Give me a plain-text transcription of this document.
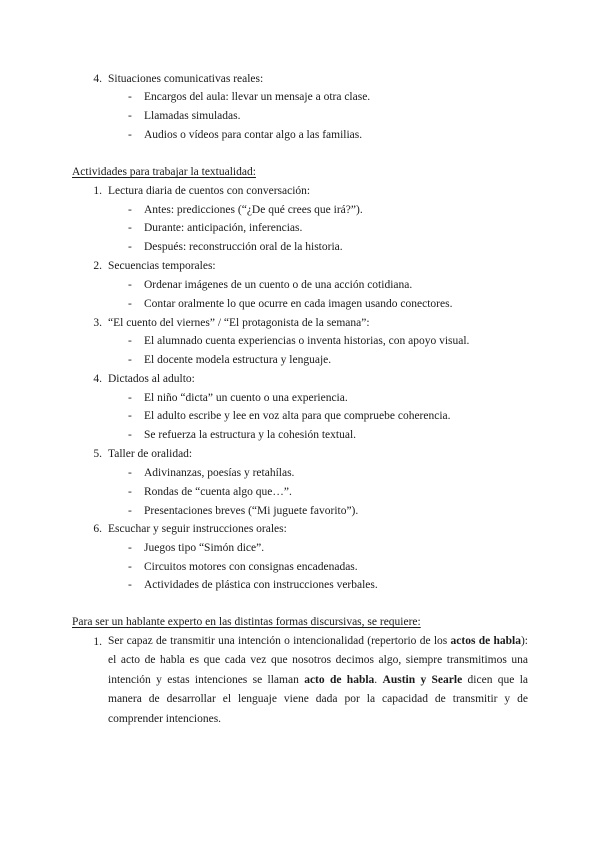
4. Situaciones comunicativas reales:
- Encargos del aula: llevar un mensaje a otra clase.
- Llamadas simuladas.
- Audios o vídeos para contar algo a las familias.
Actividades para trabajar la textualidad:
1. Lectura diaria de cuentos con conversación:
- Antes: predicciones (“¿De qué crees que irá?”).
- Durante: anticipación, inferencias.
- Después: reconstrucción oral de la historia.
2. Secuencias temporales:
- Ordenar imágenes de un cuento o de una acción cotidiana.
- Contar oralmente lo que ocurre en cada imagen usando conectores.
3. “El cuento del viernes” / “El protagonista de la semana”:
- El alumnado cuenta experiencias o inventa historias, con apoyo visual.
- El docente modela estructura y lenguaje.
4. Dictados al adulto:
- El niño “dicta” un cuento o una experiencia.
- El adulto escribe y lee en voz alta para que compruebe coherencia.
- Se refuerza la estructura y la cohesión textual.
5. Taller de oralidad:
- Adivinanzas, poesías y retahílas.
- Rondas de “cuenta algo que…”.
- Presentaciones breves (“Mi juguete favorito”).
6. Escuchar y seguir instrucciones orales:
- Juegos tipo “Simón dice”.
- Circuitos motores con consignas encadenadas.
- Actividades de plástica con instrucciones verbales.
Para ser un hablante experto en las distintas formas discursivas, se requiere:
1. Ser capaz de transmitir una intención o intencionalidad (repertorio de los actos de habla): el acto de habla es que cada vez que nosotros decimos algo, siempre transmitimos una intención y estas intenciones se llaman acto de habla. Austin y Searle dicen que la manera de desarrollar el lenguaje viene dada por la capacidad de transmitir y de comprender intenciones.
